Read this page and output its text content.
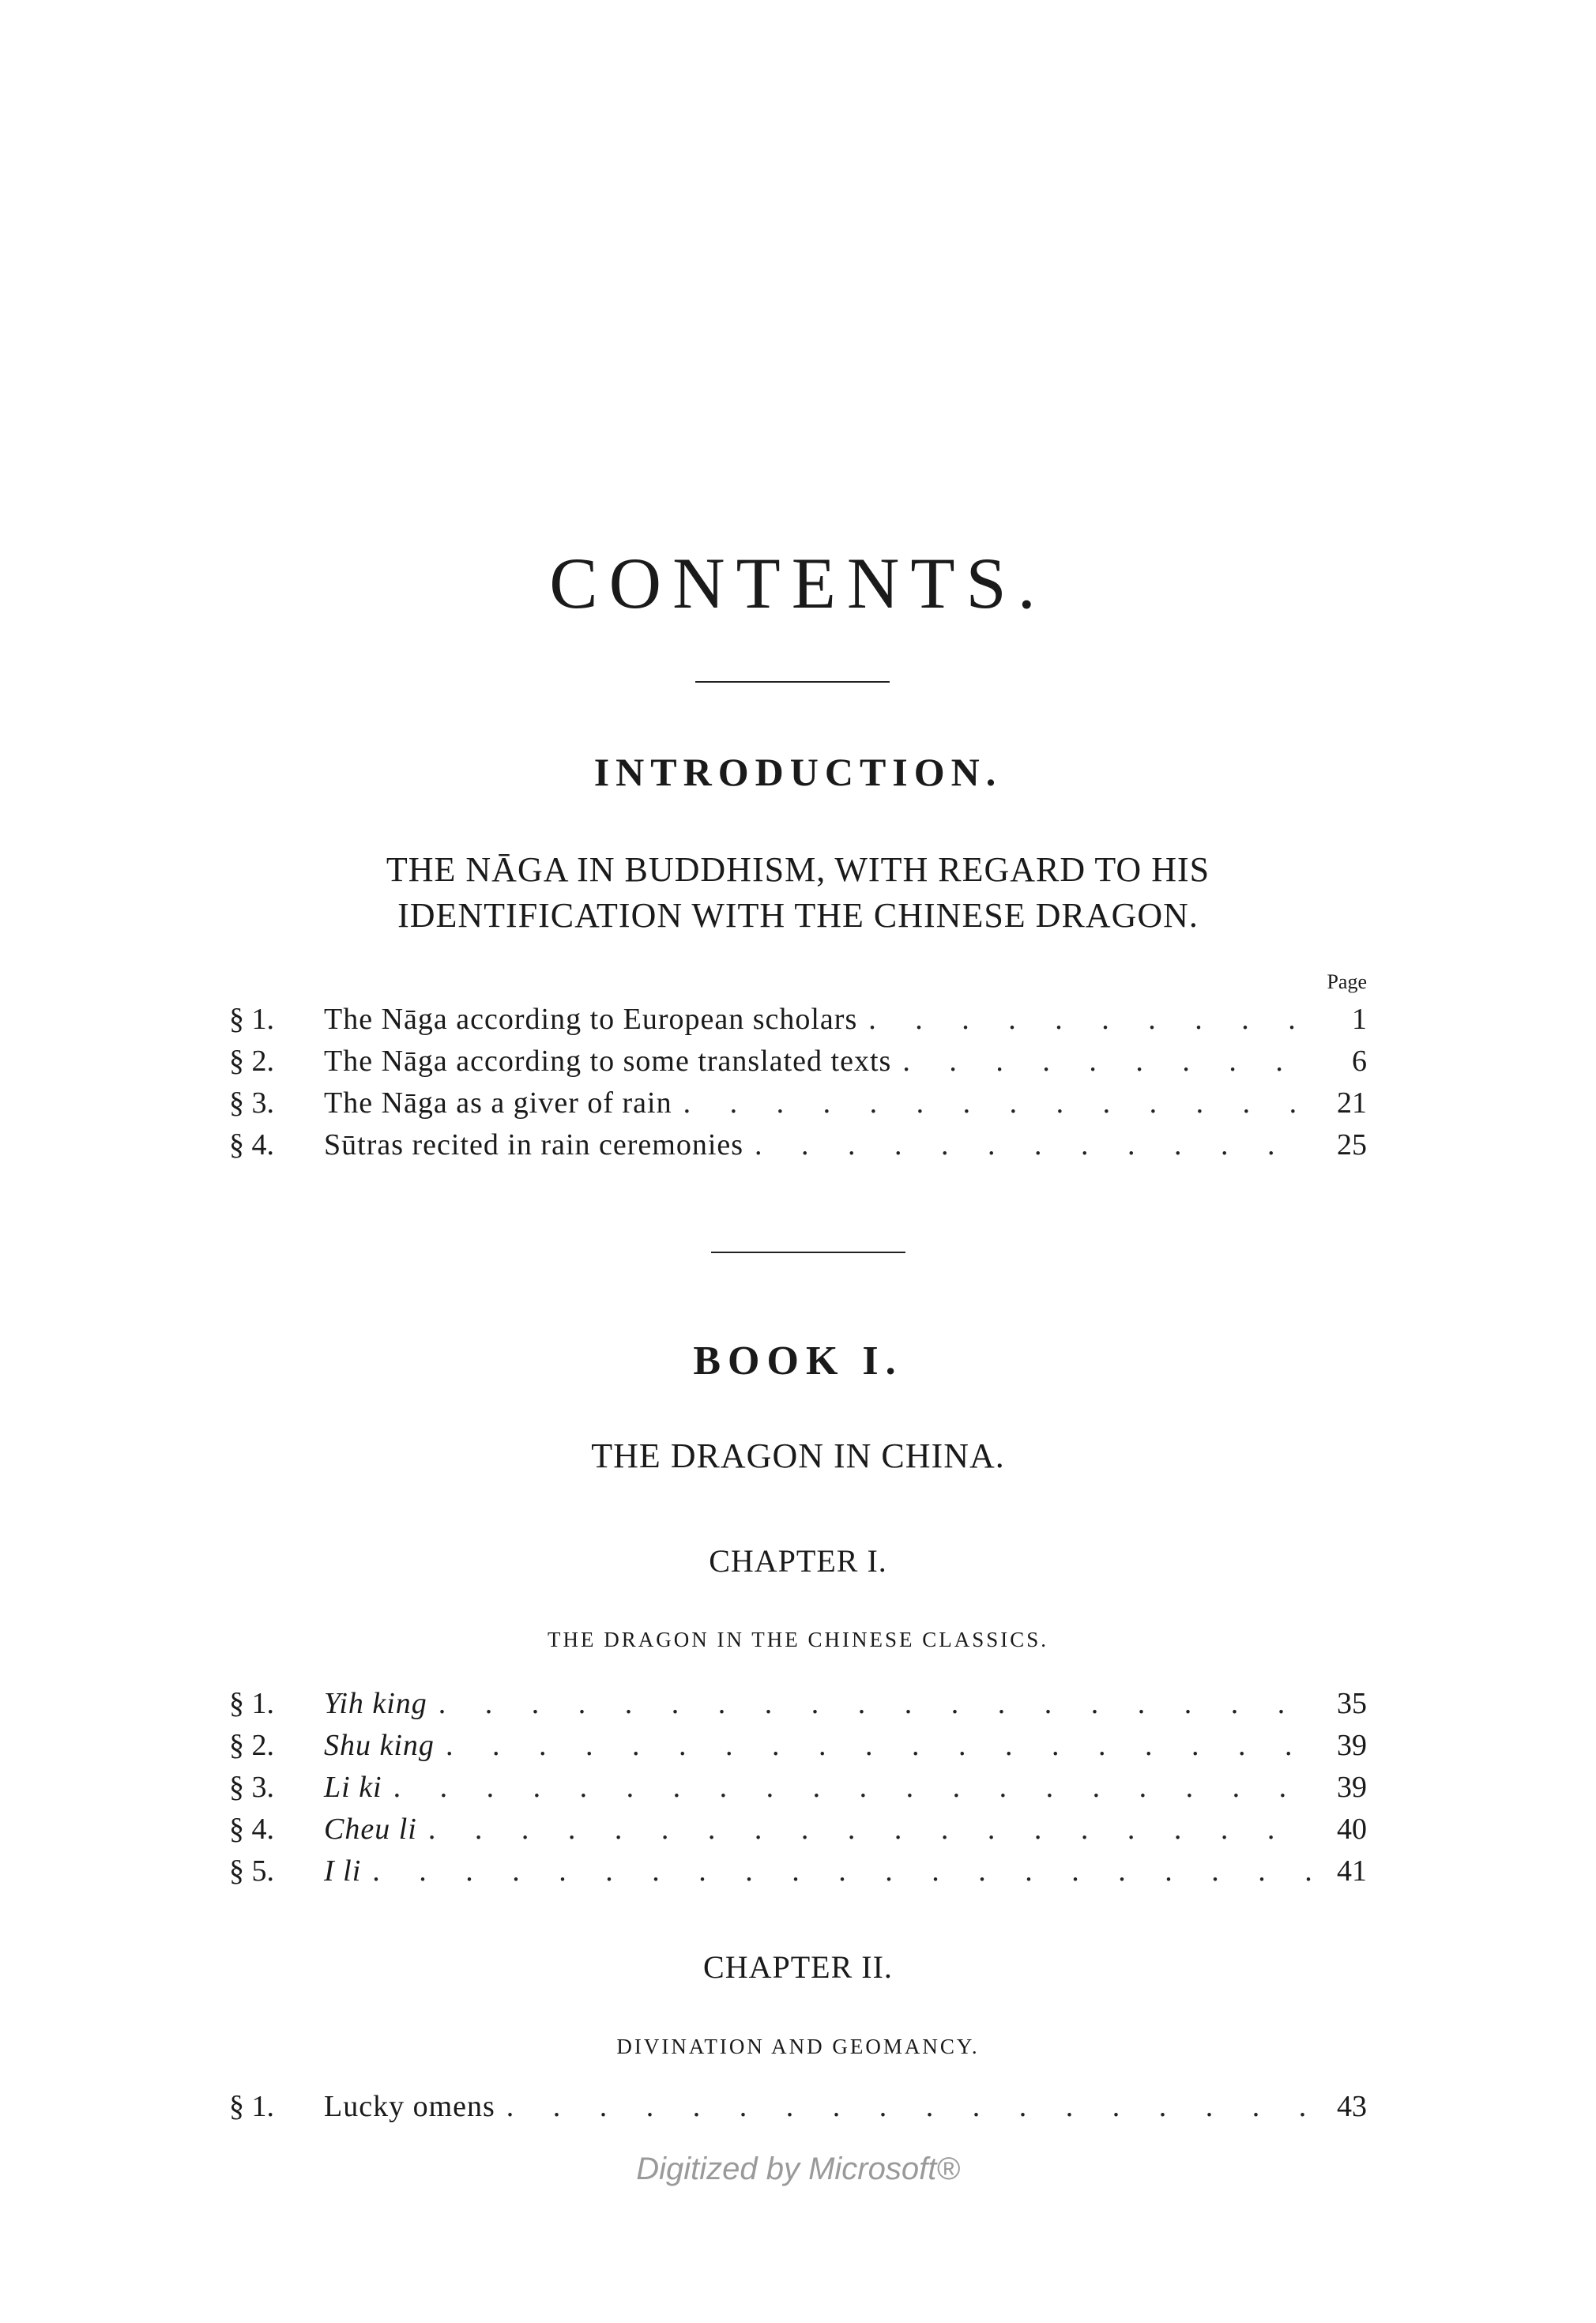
CONTENTS.
INTRODUCTION.
THE NĀGA IN BUDDHISM, WITH REGARD TO HIS
IDENTIFICATION WITH THE CHINESE DRAGON.
Page
§ 1.	The Nāga according to European scholars . . .	1
§ 2.	The Nāga according to some translated texts . . .	6
§ 3.	The Nāga as a giver of rain . . .	21
§ 4.	Sūtras recited in rain ceremonies . . .	25
BOOK I.
THE DRAGON IN CHINA.
CHAPTER I.
THE DRAGON IN THE CHINESE CLASSICS.
§ 1.	Yih king . . .	35
§ 2.	Shu king . . .	39
§ 3.	Li ki . . .	39
§ 4.	Cheu li . . .	40
§ 5.	I li . . .	41
CHAPTER II.
DIVINATION AND GEOMANCY.
§ 1.	Lucky omens . . .	43
Digitized by Microsoft®
